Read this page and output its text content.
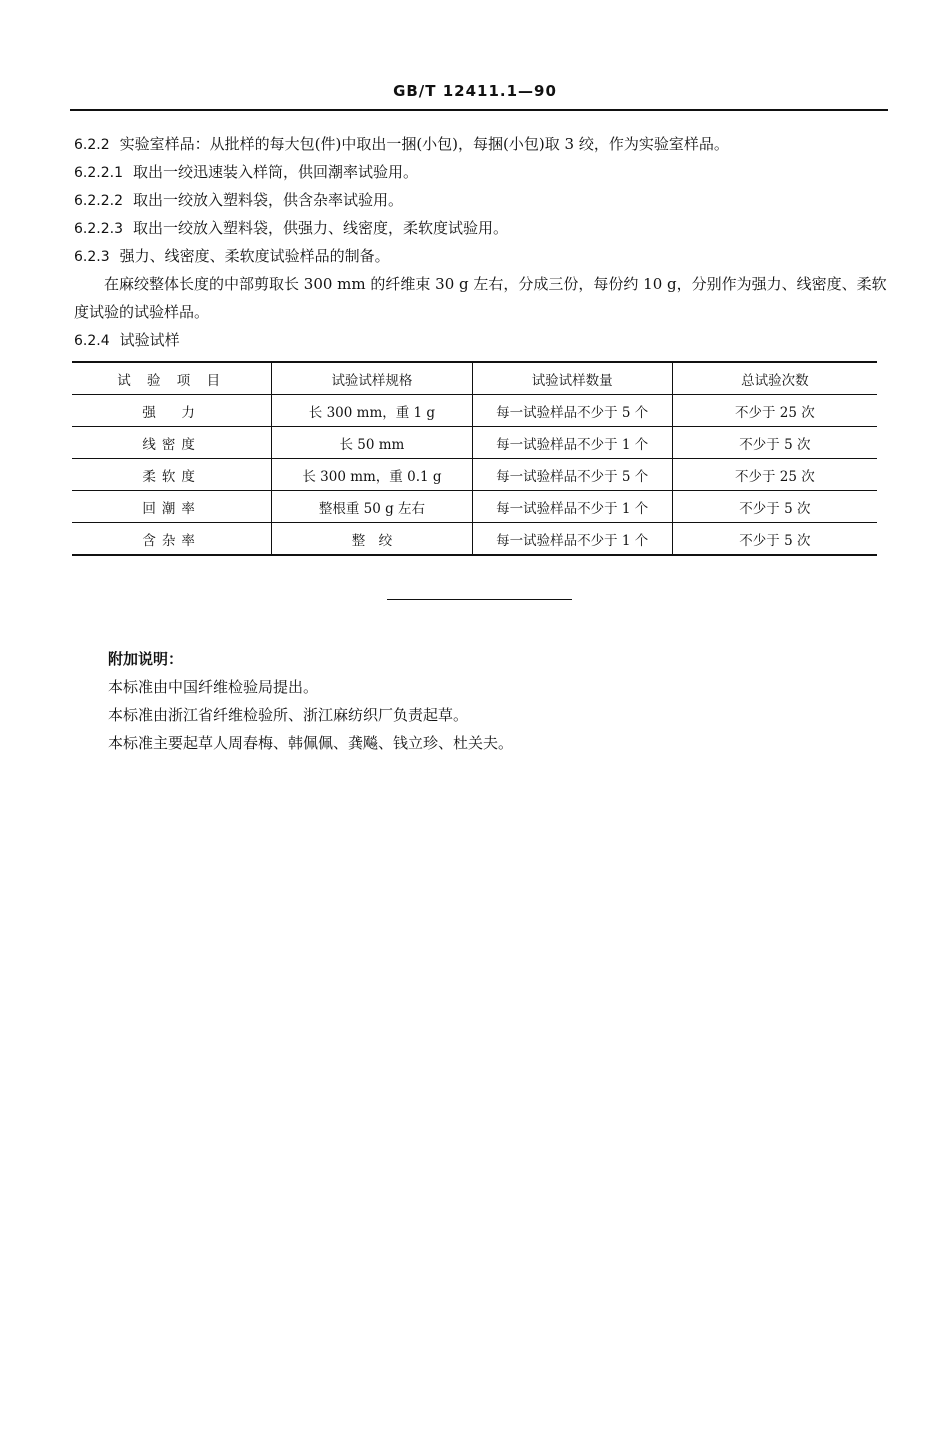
GB/T 12411.1—90
6.2.2 实验室样品：从批样的每大包(件)中取出一捆(小包)，每捆(小包)取 3 绞，作为实验室样品。
6.2.2.1 取出一绞迅速装入样筒，供回潮率试验用。
6.2.2.2 取出一绞放入塑料袋，供含杂率试验用。
6.2.2.3 取出一绞放入塑料袋，供强力、线密度，柔软度试验用。
6.2.3 强力、线密度、柔软度试验样品的制备。
在麻绞整体长度的中部剪取长 300 mm 的纤维束 30 g 左右，分成三份，每份约 10 g，分别作为强力、线密度、柔软度试验的试验样品。
6.2.4 试验试样
试 验 项 目	试验试样规格	试验试样数量	总试验次数
强　力	长 300 mm，重 1 g	每一试验样品不少于 5 个	不少于 25 次
线密度	长 50 mm	每一试验样品不少于 1 个	不少于 5 次
柔软度	长 300 mm，重 0.1 g	每一试验样品不少于 5 个	不少于 25 次
回潮率	整根重 50 g 左右	每一试验样品不少于 1 个	不少于 5 次
含杂率	整　绞	每一试验样品不少于 1 个	不少于 5 次
附加说明：
本标准由中国纤维检验局提出。
本标准由浙江省纤维检验所、浙江麻纺织厂负责起草。
本标准主要起草人周春梅、韩佩佩、龚飚、钱立珍、杜关夫。
